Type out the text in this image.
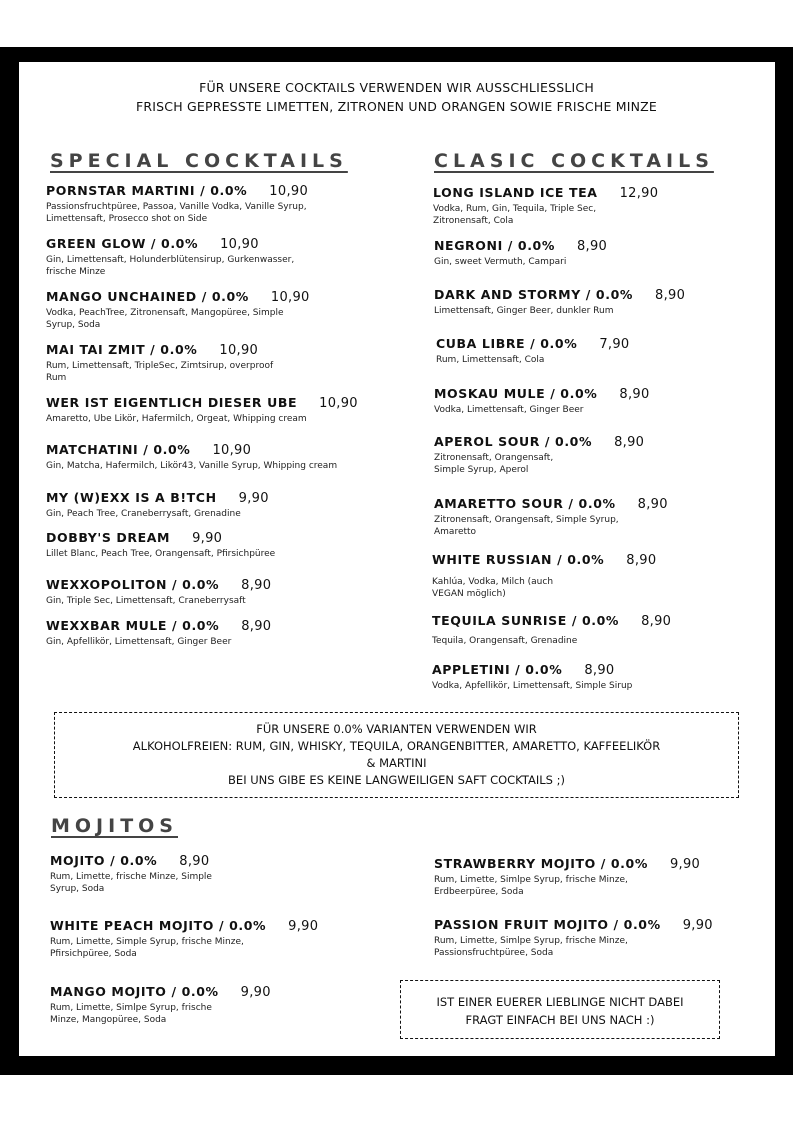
FÜR UNSERE COCKTAILS VERWENDEN WIR AUSSCHLIESSLICH
FRISCH GEPRESSTE LIMETTEN, ZITRONEN UND ORANGEN SOWIE FRISCHE MINZE
SPECIAL COCKTAILS	CLASIC COCKTAILS
PORNSTAR MARTINI / 0.0% 10,90
Passionsfruchtpüree, Passoa, Vanille Vodka, Vanille Syrup, Limettensaft, Prosecco shot on Side
GREEN GLOW / 0.0% 10,90
Gin, Limettensaft, Holunderblütensirup, Gurkenwasser, frische Minze
MANGO UNCHAINED / 0.0% 10,90
Vodka, PeachTree, Zitronensaft, Mangopüree, Simple Syrup, Soda
MAI TAI ZMIT / 0.0% 10,90
Rum, Limettensaft, TripleSec, Zimtsirup, overproof Rum
WER IST EIGENTLICH DIESER UBE 10,90
Amaretto, Ube Likör, Hafermilch, Orgeat, Whipping cream
MATCHATINI / 0.0% 10,90
Gin, Matcha, Hafermilch, Likör43, Vanille Syrup, Whipping cream
MY (W)EXX IS A B!TCH 9,90
Gin, Peach Tree, Craneberrysaft, Grenadine
DOBBY'S DREAM 9,90
Lillet Blanc, Peach Tree, Orangensaft, Pfirsichpüree
WEXXOPOLITON / 0.0% 8,90
Gin, Triple Sec, Limettensaft, Craneberrysaft
WEXXBAR MULE / 0.0% 8,90
Gin, Apfellikör, Limettensaft, Ginger Beer
LONG ISLAND ICE TEA 12,90
Vodka, Rum, Gin, Tequila, Triple Sec, Zitronensaft, Cola
NEGRONI / 0.0% 8,90
Gin, sweet Vermuth, Campari
DARK AND STORMY / 0.0% 8,90
Limettensaft, Ginger Beer, dunkler Rum
CUBA LIBRE / 0.0% 7,90
Rum, Limettensaft, Cola
MOSKAU MULE / 0.0% 8,90
Vodka, Limettensaft, Ginger Beer
APEROL SOUR / 0.0% 8,90
Zitronensaft, Orangensaft, Simple Syrup, Aperol
AMARETTO SOUR / 0.0% 8,90
Zitronensaft, Orangensaft, Simple Syrup, Amaretto
WHITE RUSSIAN / 0.0% 8,90
Kahlúa, Vodka, Milch (auch VEGAN möglich)
TEQUILA SUNRISE / 0.0% 8,90
Tequila, Orangensaft, Grenadine
APPLETINI / 0.0% 8,90
Vodka, Apfellikör, Limettensaft, Simple Sirup
FÜR UNSERE 0.0% VARIANTEN VERWENDEN WIR
ALKOHOLFREIEN: RUM, GIN, WHISKY, TEQUILA, ORANGENBITTER, AMARETTO, KAFFEELIKÖR
& MARTINI
BEI UNS GIBE ES KEINE LANGWEILIGEN SAFT COCKTAILS ;)
MOJITOS
MOJITO / 0.0% 8,90
Rum, Limette, frische Minze, Simple Syrup, Soda
WHITE PEACH MOJITO / 0.0% 9,90
Rum, Limette, Simple Syrup, frische Minze, Pfirsichpüree, Soda
MANGO MOJITO / 0.0% 9,90
Rum, Limette, Simlpe Syrup, frische Minze, Mangopüree, Soda
STRAWBERRY MOJITO / 0.0% 9,90
Rum, Limette, Simlpe Syrup, frische Minze, Erdbeerpüree, Soda
PASSION FRUIT MOJITO / 0.0% 9,90
Rum, Limette, Simlpe Syrup, frische Minze, Passionsfruchtpüree, Soda
IST EINER EUERER LIEBLINGE NICHT DABEI
FRAGT EINFACH BEI UNS NACH :)
